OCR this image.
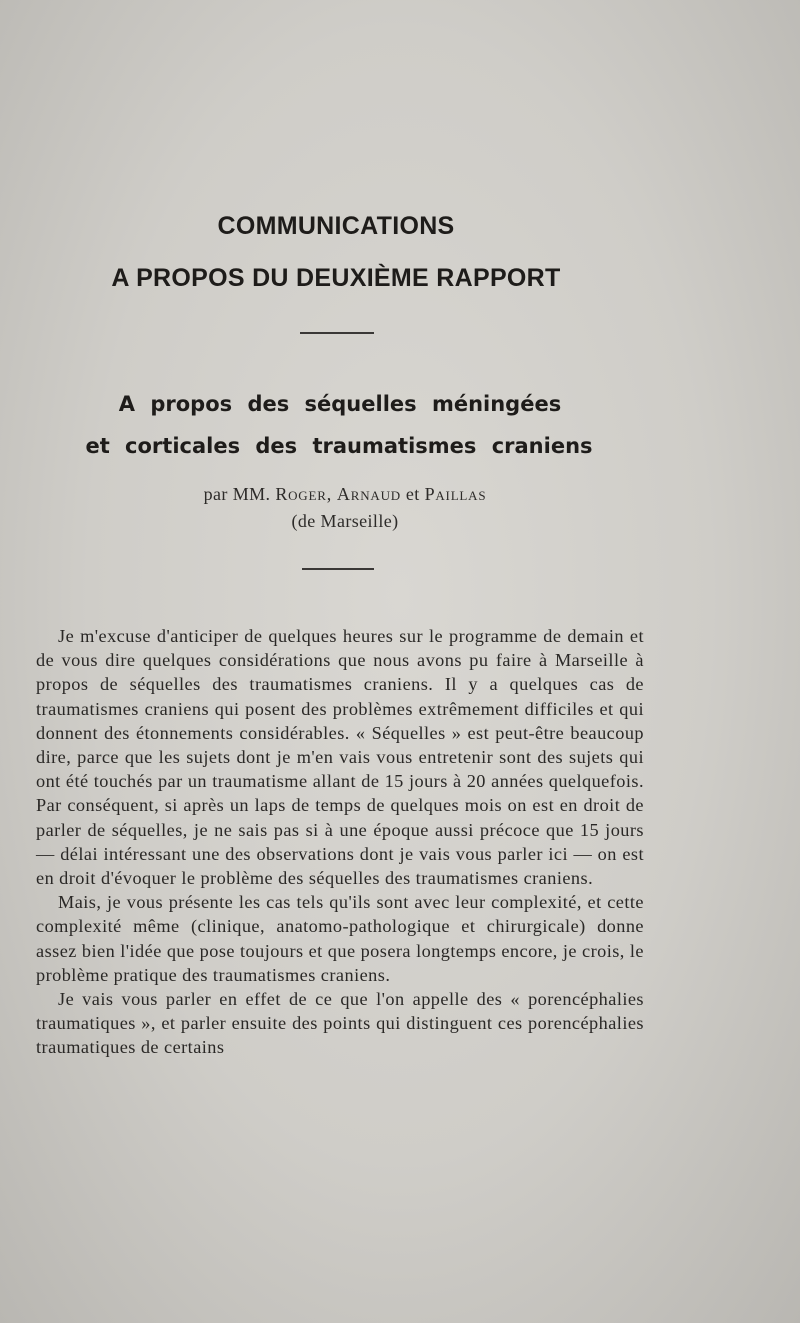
COMMUNICATIONS
A PROPOS DU DEUXIÈME RAPPORT
A propos des séquelles méningées
et corticales des traumatismes craniens
par MM. Roger, Arnaud et Paillas
(de Marseille)

Je m'excuse d'anticiper de quelques heures sur le programme de demain et de vous dire quelques considérations que nous avons pu faire à Marseille à propos de séquelles des traumatismes craniens. Il y a quelques cas de traumatismes craniens qui posent des problèmes extrêmement difficiles et qui donnent des étonnements considérables. « Séquelles » est peut-être beaucoup dire, parce que les sujets dont je m'en vais vous entretenir sont des sujets qui ont été touchés par un traumatisme allant de 15 jours à 20 années quelquefois. Par conséquent, si après un laps de temps de quelques mois on est en droit de parler de séquelles, je ne sais pas si à une époque aussi précoce que 15 jours — délai intéressant une des observations dont je vais vous parler ici — on est en droit d'évoquer le problème des séquelles des traumatismes craniens.

Mais, je vous présente les cas tels qu'ils sont avec leur complexité, et cette complexité même (clinique, anatomo-pathologique et chirurgicale) donne assez bien l'idée que pose toujours et que posera longtemps encore, je crois, le problème pratique des traumatismes craniens.

Je vais vous parler en effet de ce que l'on appelle des « porencéphalies traumatiques », et parler ensuite des points qui distinguent ces porencéphalies traumatiques de certains
